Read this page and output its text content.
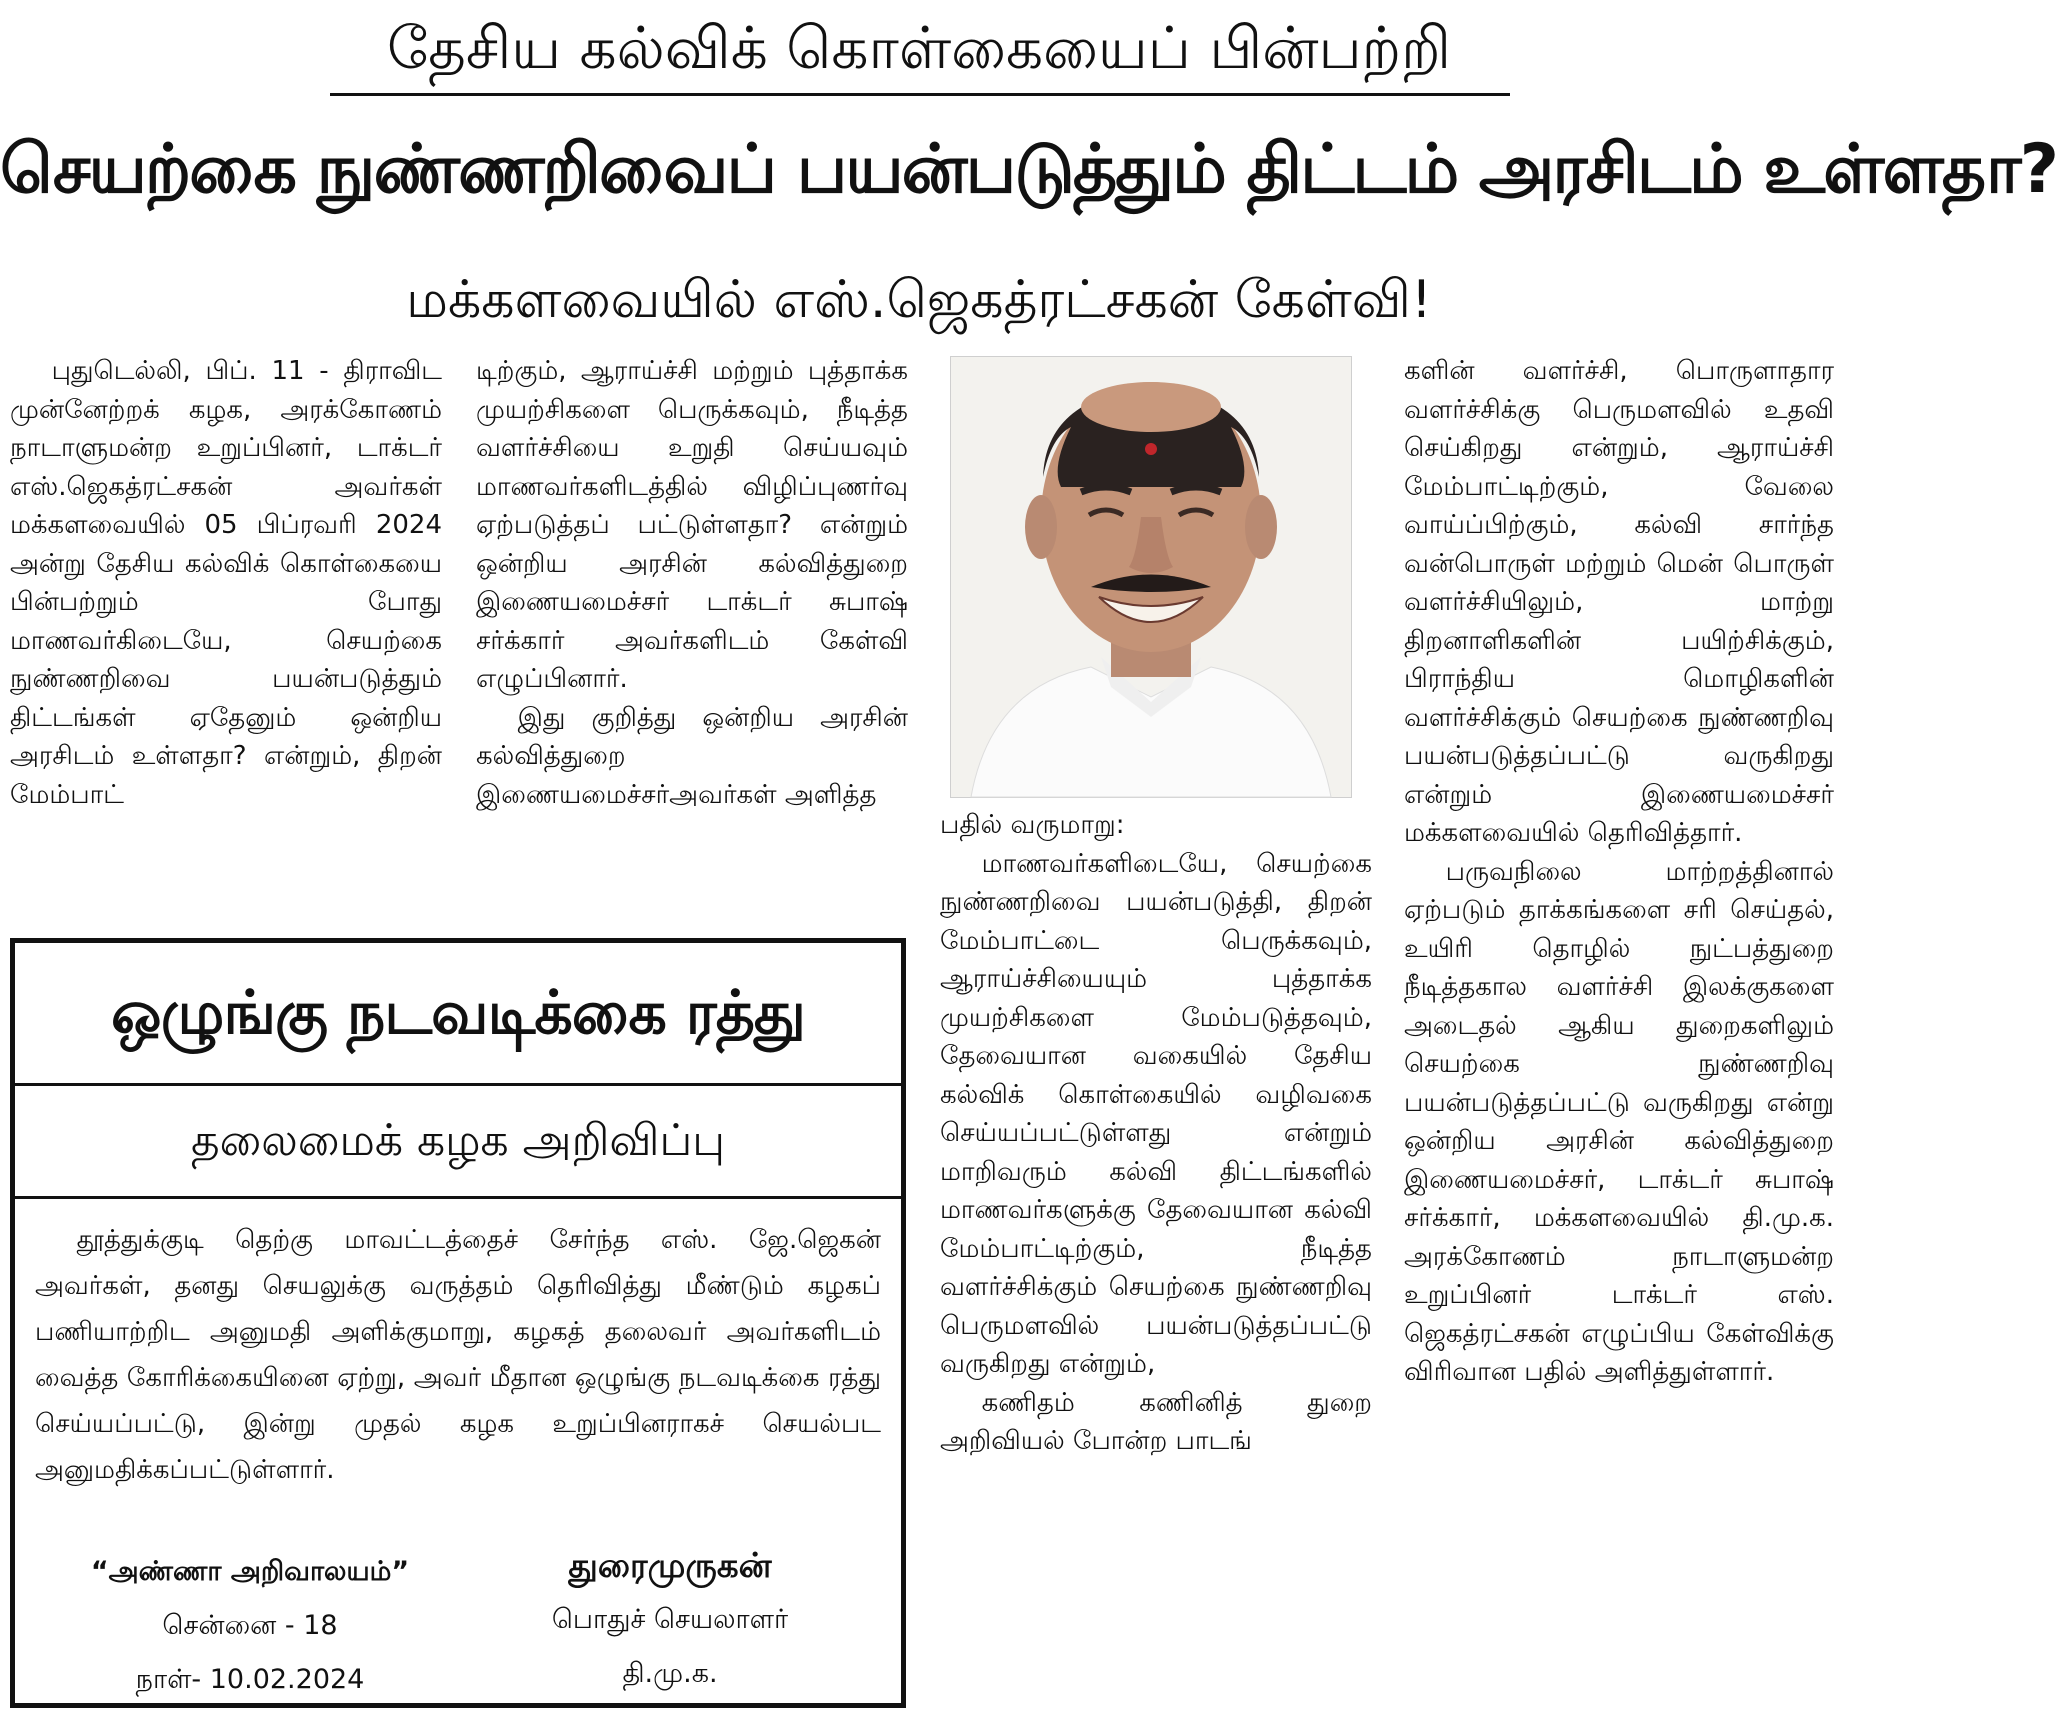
தேசிய கல்விக் கொள்கையைப் பின்பற்றி
செயற்கை நுண்ணறிவைப் பயன்படுத்தும் திட்டம் அரசிடம் உள்ளதா?
மக்களவையில் எஸ்.ஜெகத்ரட்சகன் கேள்வி!

புதுடெல்லி, பிப். 11 - திராவிட முன்னேற்றக் கழக, அரக்கோணம் நாடாளுமன்ற உறுப்பினர், டாக்டர் எஸ்.ஜெகத்ரட்சகன் அவர்கள் மக்களவையில் 05 பிப்ரவரி 2024 அன்று தேசிய கல்விக் கொள்கையை பின்பற்றும் போது மாணவர்கிடையே, செயற்கை நுண்ணறிவை பயன்படுத்தும் திட்டங்கள் ஏதேனும் ஒன்றிய அரசிடம் உள்ளதா? என்றும், திறன் மேம்பாட்

டிற்கும், ஆராய்ச்சி மற்றும் புத்தாக்க முயற்சிகளை பெருக்கவும், நீடித்த வளர்ச்சியை உறுதி செய்யவும் மாணவர்களிடத்தில் விழிப்புணர்வு ஏற்படுத்தப் பட்டுள்ளதா? என்றும் ஒன்றிய அரசின் கல்வித்துறை இணையமைச்சர் டாக்டர் சுபாஷ் சர்க்கார் அவர்களிடம் கேள்வி எழுப்பினார்.

இது குறித்து ஒன்றிய அரசின் கல்வித்துறை இணையமைச்சர்அவர்கள் அளித்த

பதில் வருமாறு:

மாணவர்களிடையே, செயற்கை நுண்ணறிவை பயன்படுத்தி, திறன் மேம்பாட்டை பெருக்கவும், ஆராய்ச்சியையும் புத்தாக்க முயற்சிகளை மேம்படுத்தவும், தேவையான வகையில் தேசிய கல்விக் கொள்கையில் வழிவகை செய்யப்பட்டுள்ளது என்றும் மாறிவரும் கல்வி திட்டங்களில் மாணவர்களுக்கு தேவையான கல்வி மேம்பாட்டிற்கும், நீடித்த வளர்ச்சிக்கும் செயற்கை நுண்ணறிவு பெருமளவில் பயன்படுத்தப்பட்டு வருகிறது என்றும்,

கணிதம் கணினித் துறை அறிவியல் போன்ற பாடங்

களின் வளர்ச்சி, பொருளாதார வளர்ச்சிக்கு பெருமளவில் உதவி செய்கிறது என்றும், ஆராய்ச்சி மேம்பாட்டிற்கும், வேலை வாய்ப்பிற்கும், கல்வி சார்ந்த வன்பொருள் மற்றும் மென் பொருள் வளர்ச்சியிலும், மாற்று திறனாளிகளின் பயிற்சிக்கும், பிராந்திய மொழிகளின் வளர்ச்சிக்கும் செயற்கை நுண்ணறிவு பயன்படுத்தப்பட்டு வருகிறது என்றும் இணையமைச்சர் மக்களவையில் தெரிவித்தார்.

பருவநிலை மாற்றத்தினால் ஏற்படும் தாக்கங்களை சரி செய்தல், உயிரி தொழில் நுட்பத்துறை நீடித்தகால வளர்ச்சி இலக்குகளை அடைதல் ஆகிய துறைகளிலும் செயற்கை நுண்ணறிவு பயன்படுத்தப்பட்டு வருகிறது என்று ஒன்றிய அரசின் கல்வித்துறை இணையமைச்சர், டாக்டர் சுபாஷ் சர்க்கார், மக்களவையில் தி.மு.க. அரக்கோணம் நாடாளுமன்ற உறுப்பினர் டாக்டர் எஸ். ஜெகத்ரட்சகன் எழுப்பிய கேள்விக்கு விரிவான பதில் அளித்துள்ளார்.

ஒழுங்கு நடவடிக்கை ரத்து
தலைமைக் கழக அறிவிப்பு
தூத்துக்குடி தெற்கு மாவட்டத்தைச் சேர்ந்த எஸ். ஜே.ஜெகன் அவர்கள், தனது செயலுக்கு வருத்தம் தெரிவித்து மீண்டும் கழகப் பணியாற்றிட அனுமதி அளிக்குமாறு, கழகத் தலைவர் அவர்களிடம் வைத்த கோரிக்கையினை ஏற்று, அவர் மீதான ஒழுங்கு நடவடிக்கை ரத்து செய்யப்பட்டு, இன்று முதல் கழக உறுப்பினராகச் செயல்பட அனுமதிக்கப்பட்டுள்ளார்.
“அண்ணா அறிவாலயம்”
சென்னை - 18
நாள்- 10.02.2024
துரைமுருகன்
பொதுச் செயலாளர்
தி.மு.க.
